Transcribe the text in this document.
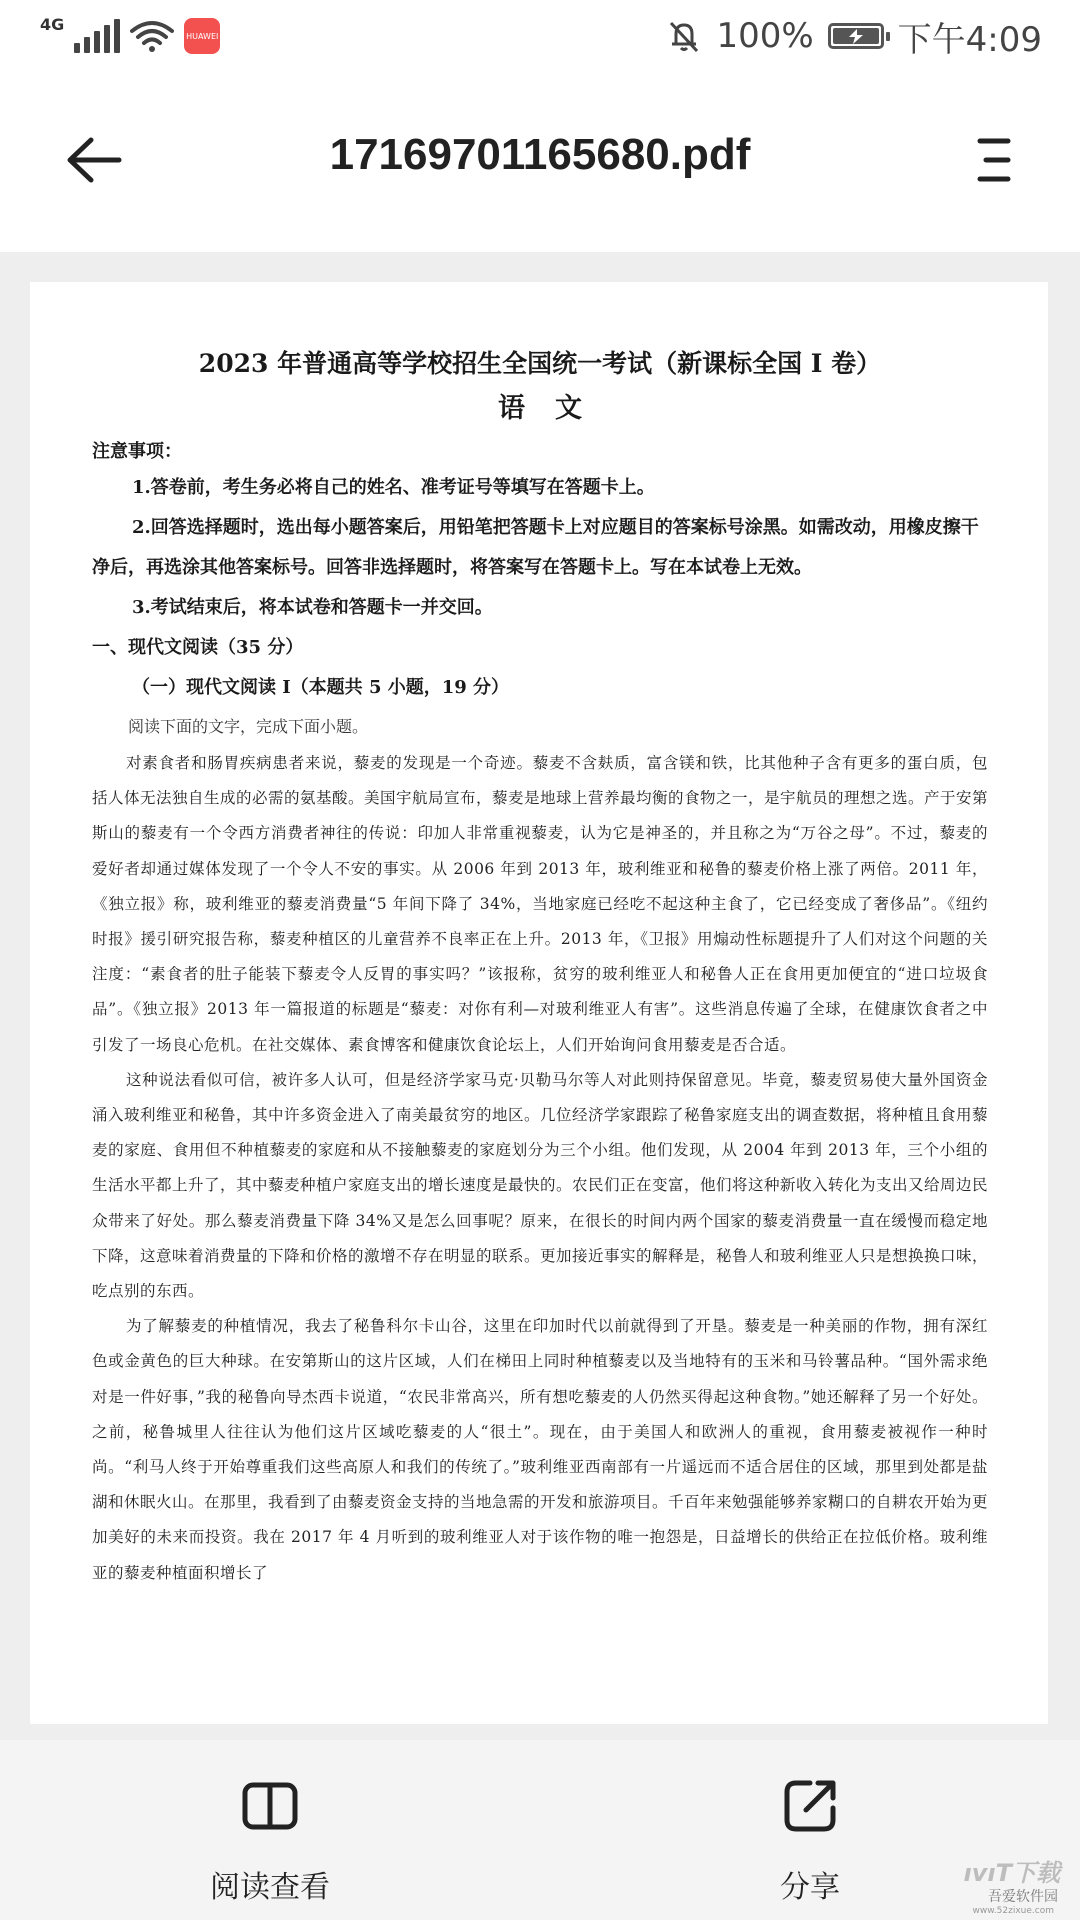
4G
HUAWEI	100% 下午4:09
17169701165680.pdf
2023 年普通高等学校招生全国统一考试（新课标全国 I 卷）
语文
注意事项：
1.答卷前，考生务必将自己的姓名、准考证号等填写在答题卡上。
2.回答选择题时，选出每小题答案后，用铅笔把答题卡上对应题目的答案标号涂黑。如需改动，用橡皮擦干净后，再选涂其他答案标号。回答非选择题时，将答案写在答题卡上。写在本试卷上无效。
3.考试结束后，将本试卷和答题卡一并交回。
一、现代文阅读（35 分）
（一）现代文阅读 I（本题共 5 小题，19 分）
阅读下面的文字，完成下面小题。
对素食者和肠胃疾病患者来说，藜麦的发现是一个奇迹。藜麦不含麸质，富含镁和铁，比其他种子含有更多的蛋白质，包括人体无法独自生成的必需的氨基酸。美国宇航局宣布，藜麦是地球上营养最均衡的食物之一，是宇航员的理想之选。产于安第斯山的藜麦有一个令西方消费者神往的传说：印加人非常重视藜麦，认为它是神圣的，并且称之为“万谷之母”。不过，藜麦的爱好者却通过媒体发现了一个令人不安的事实。从 2006 年到 2013 年，玻利维亚和秘鲁的藜麦价格上涨了两倍。2011 年，《独立报》称，玻利维亚的藜麦消费量“5 年间下降了 34%，当地家庭已经吃不起这种主食了，它已经变成了奢侈品”。《纽约时报》援引研究报告称，藜麦种植区的儿童营养不良率正在上升。2013 年，《卫报》用煽动性标题提升了人们对这个问题的关注度：“素食者的肚子能装下藜麦令人反胃的事实吗？”该报称，贫穷的玻利维亚人和秘鲁人正在食用更加便宜的“进口垃圾食品”。《独立报》2013 年一篇报道的标题是“藜麦：对你有利—对玻利维亚人有害”。这些消息传遍了全球，在健康饮食者之中引发了一场良心危机。在社交媒体、素食博客和健康饮食论坛上，人们开始询问食用藜麦是否合适。
这种说法看似可信，被许多人认可，但是经济学家马克·贝勒马尔等人对此则持保留意见。毕竟，藜麦贸易使大量外国资金涌入玻利维亚和秘鲁，其中许多资金进入了南美最贫穷的地区。几位经济学家跟踪了秘鲁家庭支出的调查数据，将种植且食用藜麦的家庭、食用但不种植藜麦的家庭和从不接触藜麦的家庭划分为三个小组。他们发现，从 2004 年到 2013 年，三个小组的生活水平都上升了，其中藜麦种植户家庭支出的增长速度是最快的。农民们正在变富，他们将这种新收入转化为支出又给周边民众带来了好处。那么藜麦消费量下降 34%又是怎么回事呢？原来，在很长的时间内两个国家的藜麦消费量一直在缓慢而稳定地下降，这意味着消费量的下降和价格的激增不存在明显的联系。更加接近事实的解释是，秘鲁人和玻利维亚人只是想换换口味，吃点别的东西。
为了解藜麦的种植情况，我去了秘鲁科尔卡山谷，这里在印加时代以前就得到了开垦。藜麦是一种美丽的作物，拥有深红色或金黄色的巨大种球。在安第斯山的这片区域，人们在梯田上同时种植藜麦以及当地特有的玉米和马铃薯品种。“国外需求绝对是一件好事，”我的秘鲁向导杰西卡说道，“农民非常高兴，所有想吃藜麦的人仍然买得起这种食物。”她还解释了另一个好处。之前，秘鲁城里人往往认为他们这片区域吃藜麦的人“很土”。现在，由于美国人和欧洲人的重视，食用藜麦被视作一种时尚。“利马人终于开始尊重我们这些高原人和我们的传统了。”玻利维亚西南部有一片遥远而不适合居住的区域，那里到处都是盐湖和休眠火山。在那里，我看到了由藜麦资金支持的当地急需的开发和旅游项目。千百年来勉强能够养家糊口的自耕农开始为更加美好的未来而投资。我在 2017 年 4 月听到的玻利维亚人对于该作物的唯一抱怨是，日益增长的供给正在拉低价格。玻利维亚的藜麦种植面积增长了
阅读查看	分享	ıvıT下载
吾爱软件园
www.52zixue.com
